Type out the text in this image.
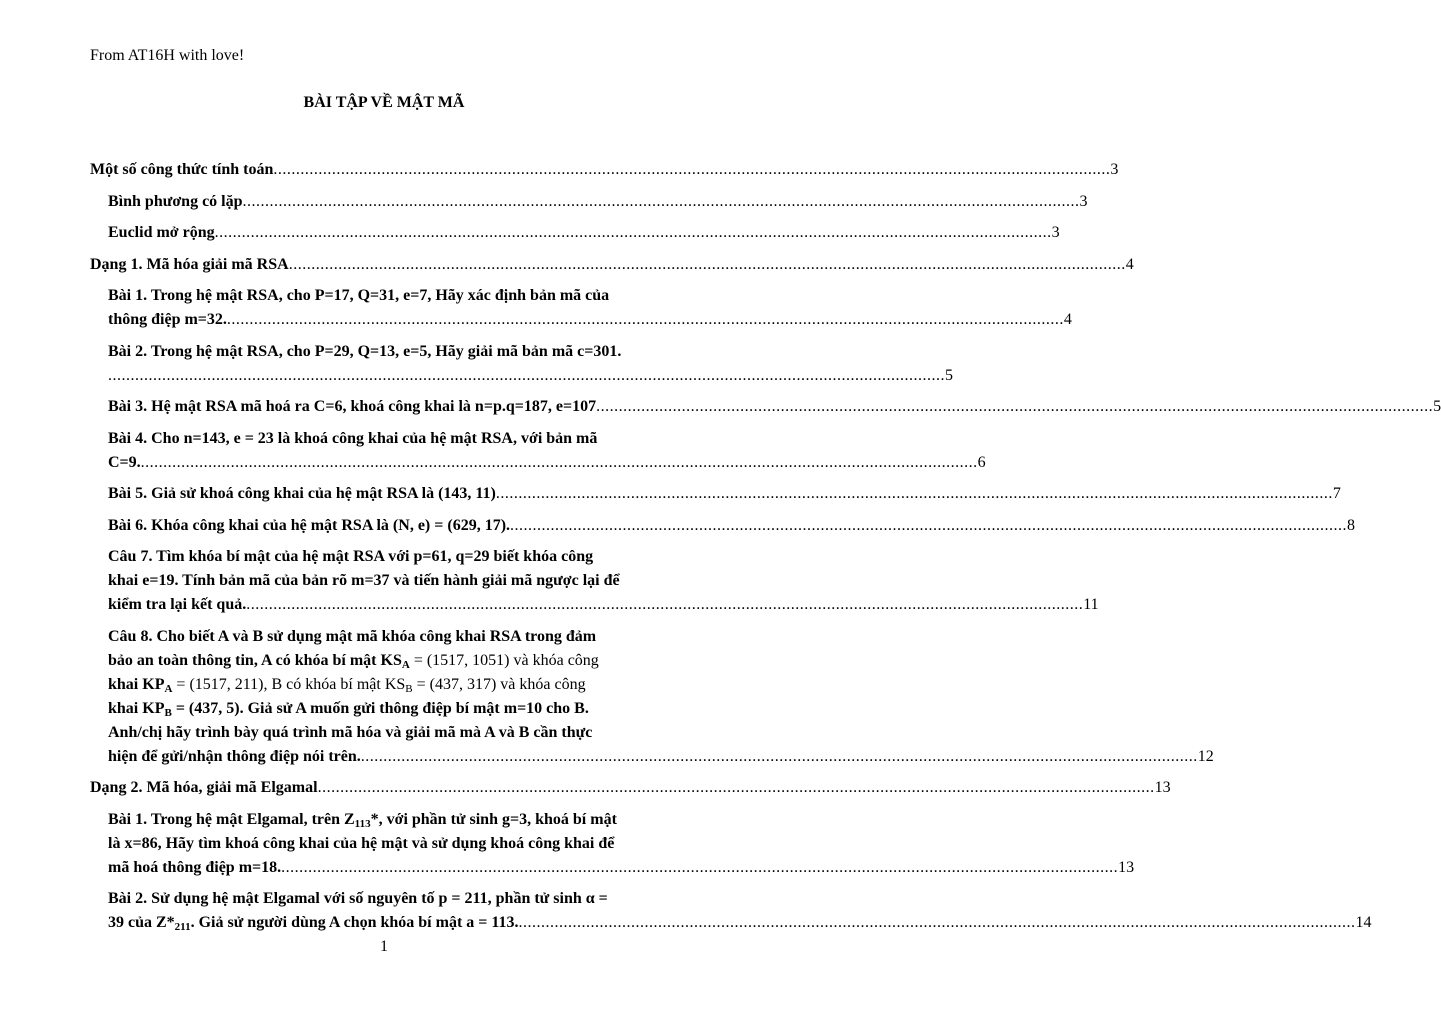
From AT16H with love!
BÀI TẬP VỀ MẬT MÃ
Một số công thức tính toán .......................................................................................................................................................................................... 3
Bình phương có lặp .......................................................................................................................................................................................... 3
Euclid mở rộng .......................................................................................................................................................................................... 3
Dạng 1. Mã hóa giải mã RSA .......................................................................................................................................................................................... 4
Bài 1. Trong hệ mật RSA, cho P=17, Q=31, e=7, Hãy xác định bản mã của
thông điệp m=32. .......................................................................................................................................................................................... 4
Bài 2. Trong hệ mật RSA, cho P=29, Q=13, e=5, Hãy giải mã bản mã c=301.
.......................................................................................................................................................................................... 5
Bài 3. Hệ mật RSA mã hoá ra C=6, khoá công khai là n=p.q=187, e=107 .......................................................................................................................................................................................... 5
Bài 4. Cho n=143, e = 23 là khoá công khai của hệ mật RSA, với bản mã
C=9. .......................................................................................................................................................................................... 6
Bài 5. Giả sử khoá công khai của hệ mật RSA là (143, 11) .......................................................................................................................................................................................... 7
Bài 6. Khóa công khai của hệ mật RSA là (N, e) = (629, 17). .......................................................................................................................................................................................... 8
Câu 7. Tìm khóa bí mật của hệ mật RSA với p=61, q=29 biết khóa công
khai e=19. Tính bản mã của bản rõ m=37 và tiến hành giải mã ngược lại để
kiểm tra lại kết quả. .......................................................................................................................................................................................... 11
Câu 8. Cho biết A và B sử dụng mật mã khóa công khai RSA trong đảm
bảo an toàn thông tin, A có khóa bí mật $KS_A = (1517$, 1051) và khóa công
khai $KP_A = (1517$, 211), B có khóa bí mật $KS_B = (437$, 317) và khóa công
khai $KP_B = (437$, 5). Giả sử A muốn gửi thông điệp bí mật m=10 cho B.
Anh/chị hãy trình bày quá trình mã hóa và giải mã mà A và B cần thực
hiện để gửi/nhận thông điệp nói trên. .......................................................................................................................................................................................... 12
Dạng 2. Mã hóa, giải mã Elgamal .......................................................................................................................................................................................... 13
Bài 1. Trong hệ mật Elgamal, trên $Z_{113}*$, với phần tử sinh g=3, khoá bí mật
là x=86, Hãy tìm khoá công khai của hệ mật và sử dụng khoá công khai để
mã hoá thông điệp m=18. .......................................................................................................................................................................................... 13
Bài 2. Sử dụng hệ mật Elgamal với số nguyên tố p = 211, phần tử sinh α =
39 của $Z*_{211}$. Giả sử người dùng A chọn khóa bí mật a = 113. .......................................................................................................................................................................................... 14
1
